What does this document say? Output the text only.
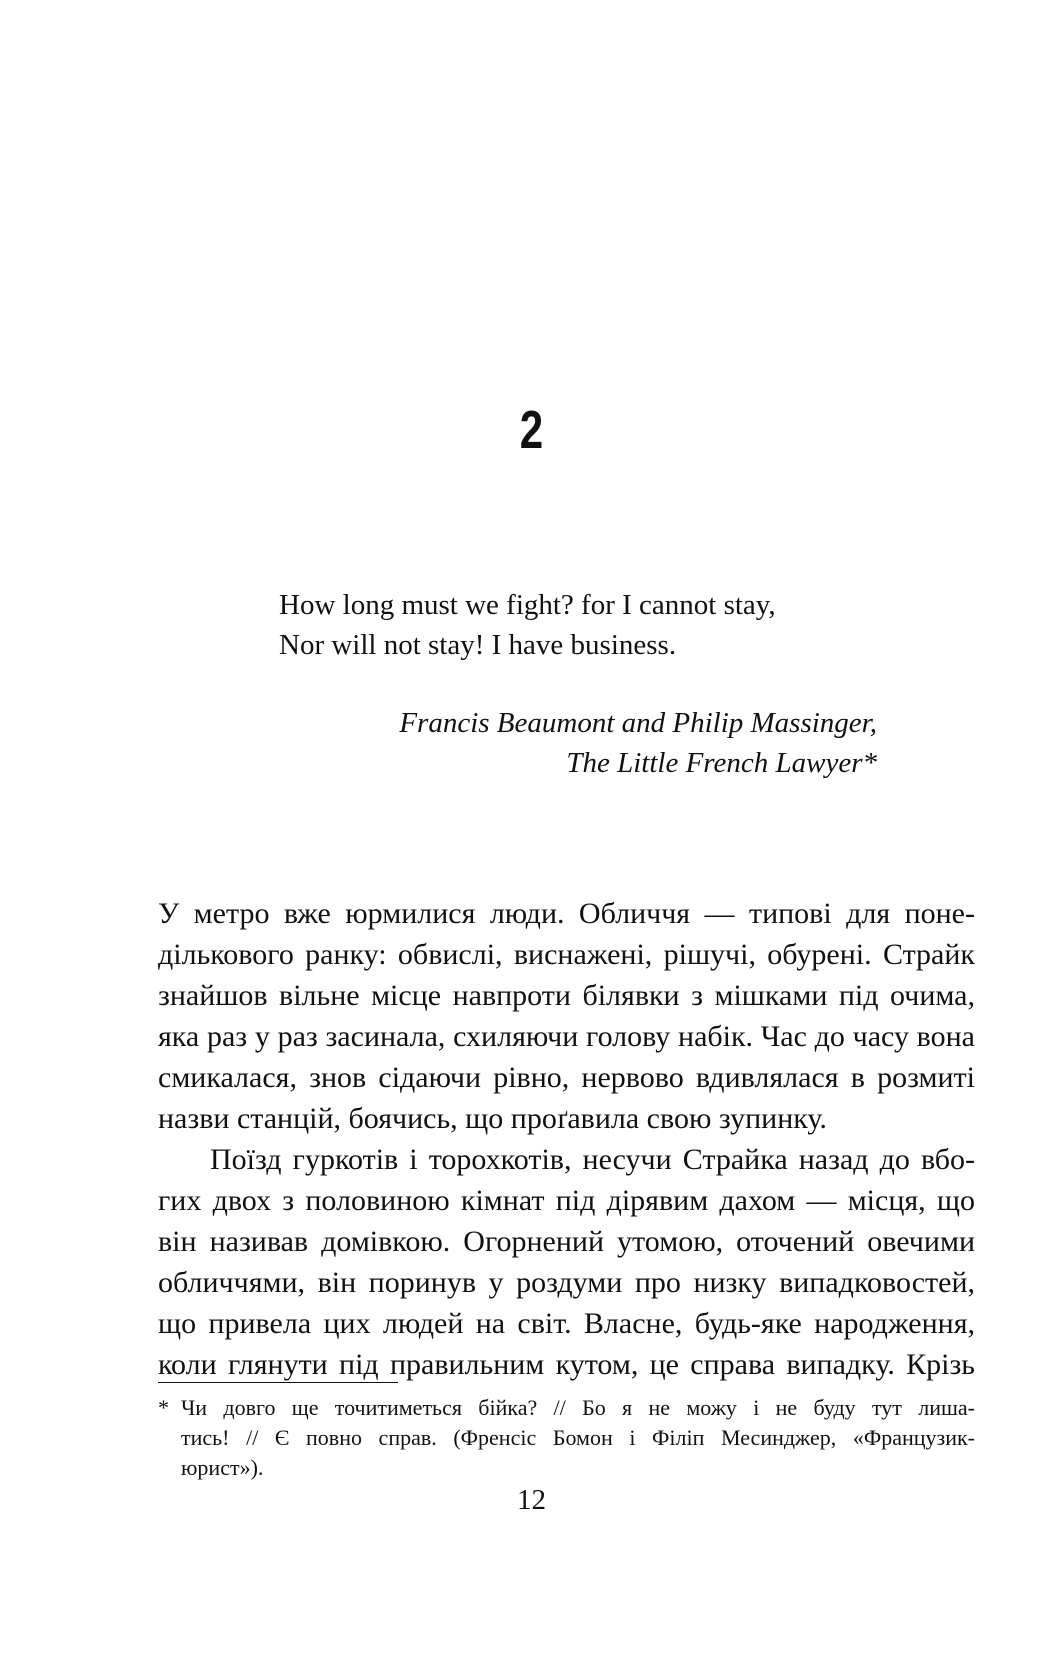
2
How long must we fight? for I cannot stay,
Nor will not stay! I have business.
Francis Beaumont and Philip Massinger,
The Little French Lawyer*
У метро вже юрмилися люди. Обличчя — типові для поне-
дількового ранку: обвислі, виснажені, рішучі, обурені. Страйк
знайшов вільне місце навпроти білявки з мішками під очима,
яка раз у раз засинала, схиляючи голову набік. Час до часу вона
смикалася, знов сідаючи рівно, нервово вдивлялася в розмиті
назви станцій, боячись, що проґавила свою зупинку.
Поїзд гуркотів і торохкотів, несучи Страйка назад до вбо-
гих двох з половиною кімнат під дірявим дахом — місця, що
він називав домівкою. Огорнений утомою, оточений овечими
обличчями, він поринув у роздуми про низку випадковостей,
що привела цих людей на світ. Власне, будь-яке народження,
коли глянути під правильним кутом, це справа випадку. Крізь
* Чи довго ще точитиметься бійка? // Бо я не можу і не буду тут лиша-
тись! // Є повно справ. (Френсіс Бомон і Філіп Месинджер, «Французик-
юрист»).
12
